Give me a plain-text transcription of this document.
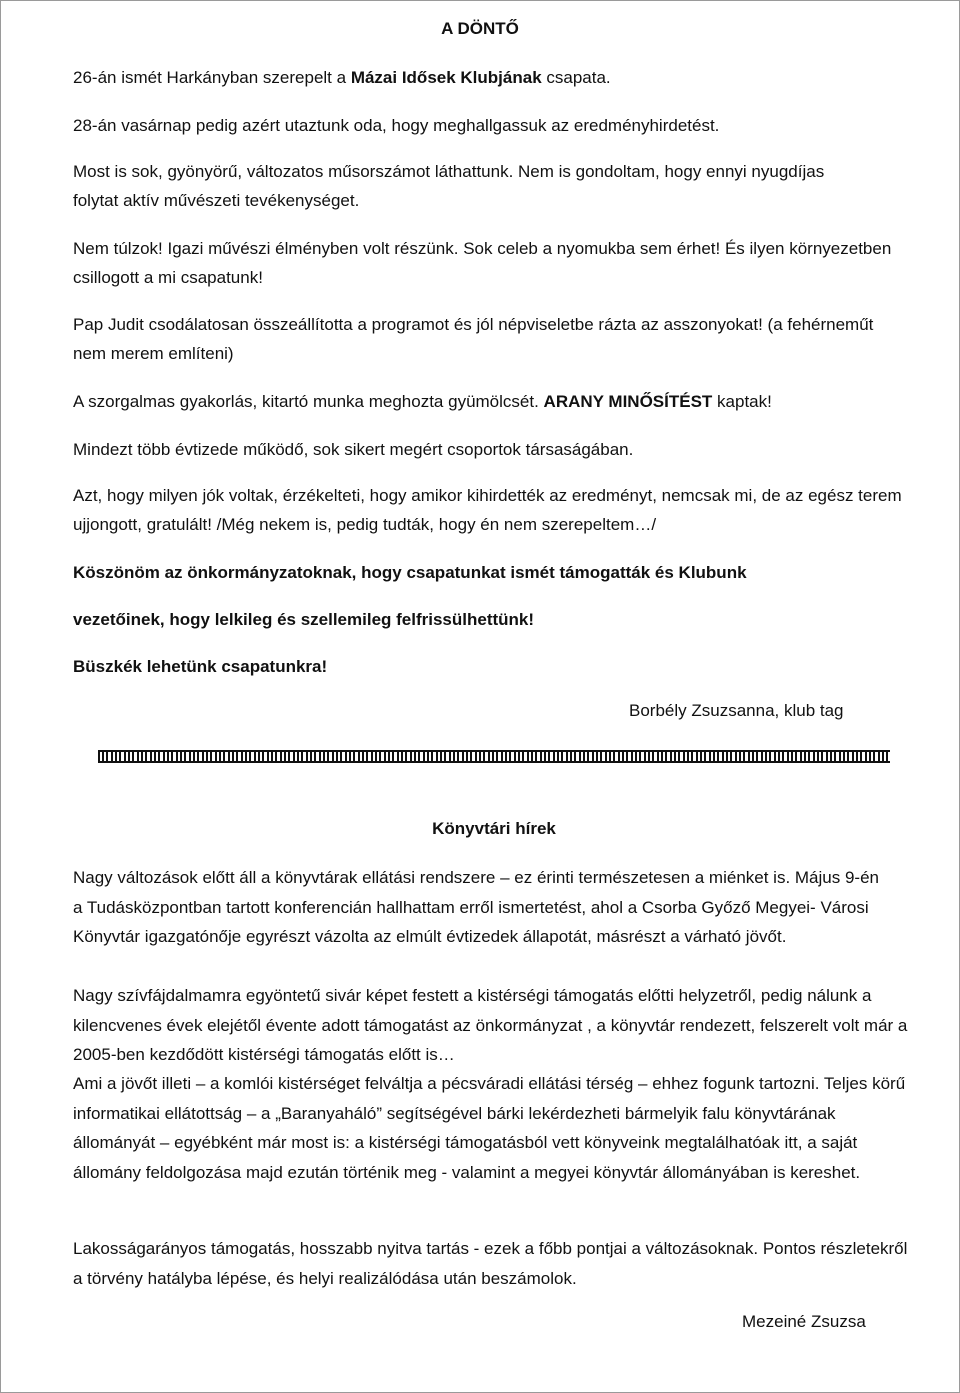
A DÖNTŐ

26-án ismét Harkányban szerepelt a Mázai Idősek Klubjának csapata.

28-án vasárnap pedig azért utaztunk oda, hogy meghallgassuk az eredményhirdetést.

Most is sok, gyönyörű, változatos műsorszámot láthattunk. Nem is gondoltam, hogy ennyi nyugdíjas folytat aktív művészeti tevékenységet.

Nem túlzok! Igazi művészi élményben volt részünk. Sok celeb a nyomukba sem érhet! És ilyen környezetben csillogott a mi csapatunk!

Pap Judit csodálatosan összeállította a programot és jól népviseletbe rázta az asszonyokat! (a fehérneműt nem merem említeni)

A szorgalmas gyakorlás, kitartó munka meghozta gyümölcsét. ARANY MINŐSÍTÉST kaptak!

Mindezt több évtizede működő, sok sikert megért csoportok társaságában.

Azt, hogy milyen jók voltak, érzékelteti, hogy amikor kihirdették az eredményt, nemcsak mi, de az egész terem ujjongott, gratulált! /Még nekem is, pedig tudták, hogy én nem szerepeltem…/

Köszönöm az önkormányzatoknak, hogy csapatunkat ismét támogatták és Klubunk

vezetőinek, hogy lelkileg és szellemileg felfrissülhettünk!

Büszkék lehetünk csapatunkra!

Borbély Zsuzsanna, klub tag
Könyvtári hírek

Nagy változások előtt áll a könyvtárak ellátási rendszere – ez érinti természetesen a miénket is. Május 9-én a Tudásközpontban tartott konferencián hallhattam erről ismertetést, ahol a Csorba Győző Megyei- Városi Könyvtár igazgatónője egyrészt vázolta az elmúlt évtizedek állapotát, másrészt a várható jövőt.

Nagy szívfájdalmamra egyöntetű sivár képet festett a kistérségi támogatás előtti helyzetről, pedig nálunk a kilencvenes évek elejétől évente adott támogatást az önkormányzat , a könyvtár rendezett, felszerelt volt már a 2005-ben kezdődött kistérségi támogatás előtt is…

Ami a jövőt illeti – a komlói kistérséget felváltja a pécsváradi ellátási térség – ehhez fogunk tartozni. Teljes körű informatikai ellátottság – a „Baranyaháló” segítségével bárki lekérdezheti bármelyik falu könyvtárának állományát – egyébként már most is: a kistérségi támogatásból vett könyveink megtalálhatóak itt, a saját állomány feldolgozása majd ezután történik meg - valamint a megyei könyvtár állományában is kereshet.

Lakosságarányos támogatás, hosszabb nyitva tartás - ezek a főbb pontjai a változásoknak. Pontos részletekről a törvény hatályba lépése, és helyi realizálódása után beszámolok.

Mezeiné Zsuzsa
